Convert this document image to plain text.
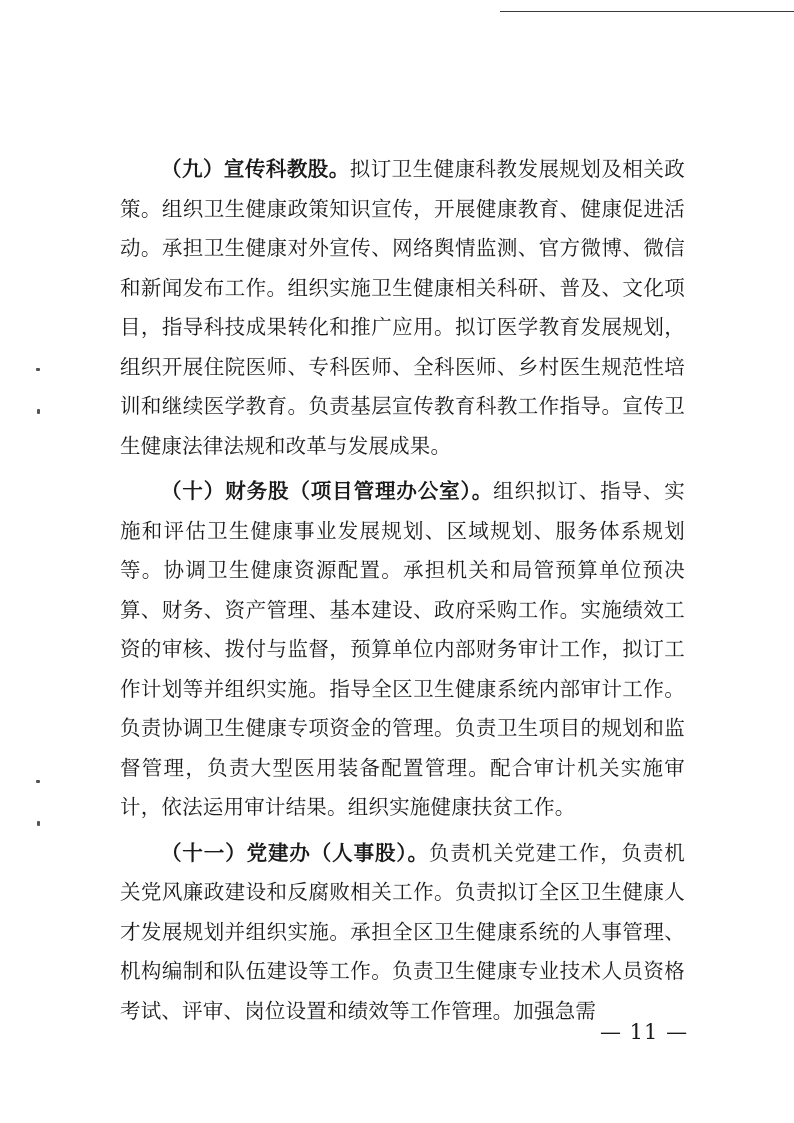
（九）宣传科教股。拟订卫生健康科教发展规划及相关政策。组织卫生健康政策知识宣传，开展健康教育、健康促进活动。承担卫生健康对外宣传、网络舆情监测、官方微博、微信和新闻发布工作。组织实施卫生健康相关科研、普及、文化项目，指导科技成果转化和推广应用。拟订医学教育发展规划，组织开展住院医师、专科医师、全科医师、乡村医生规范性培训和继续医学教育。负责基层宣传教育科教工作指导。宣传卫生健康法律法规和改革与发展成果。

（十）财务股（项目管理办公室）。组织拟订、指导、实施和评估卫生健康事业发展规划、区域规划、服务体系规划等。协调卫生健康资源配置。承担机关和局管预算单位预决算、财务、资产管理、基本建设、政府采购工作。实施绩效工资的审核、拨付与监督，预算单位内部财务审计工作，拟订工作计划等并组织实施。指导全区卫生健康系统内部审计工作。负责协调卫生健康专项资金的管理。负责卫生项目的规划和监督管理，负责大型医用装备配置管理。配合审计机关实施审计，依法运用审计结果。组织实施健康扶贫工作。

（十一）党建办（人事股）。负责机关党建工作，负责机关党风廉政建设和反腐败相关工作。负责拟订全区卫生健康人才发展规划并组织实施。承担全区卫生健康系统的人事管理、机构编制和队伍建设等工作。负责卫生健康专业技术人员资格考试、评审、岗位设置和绩效等工作管理。加强急需

— 11 —
